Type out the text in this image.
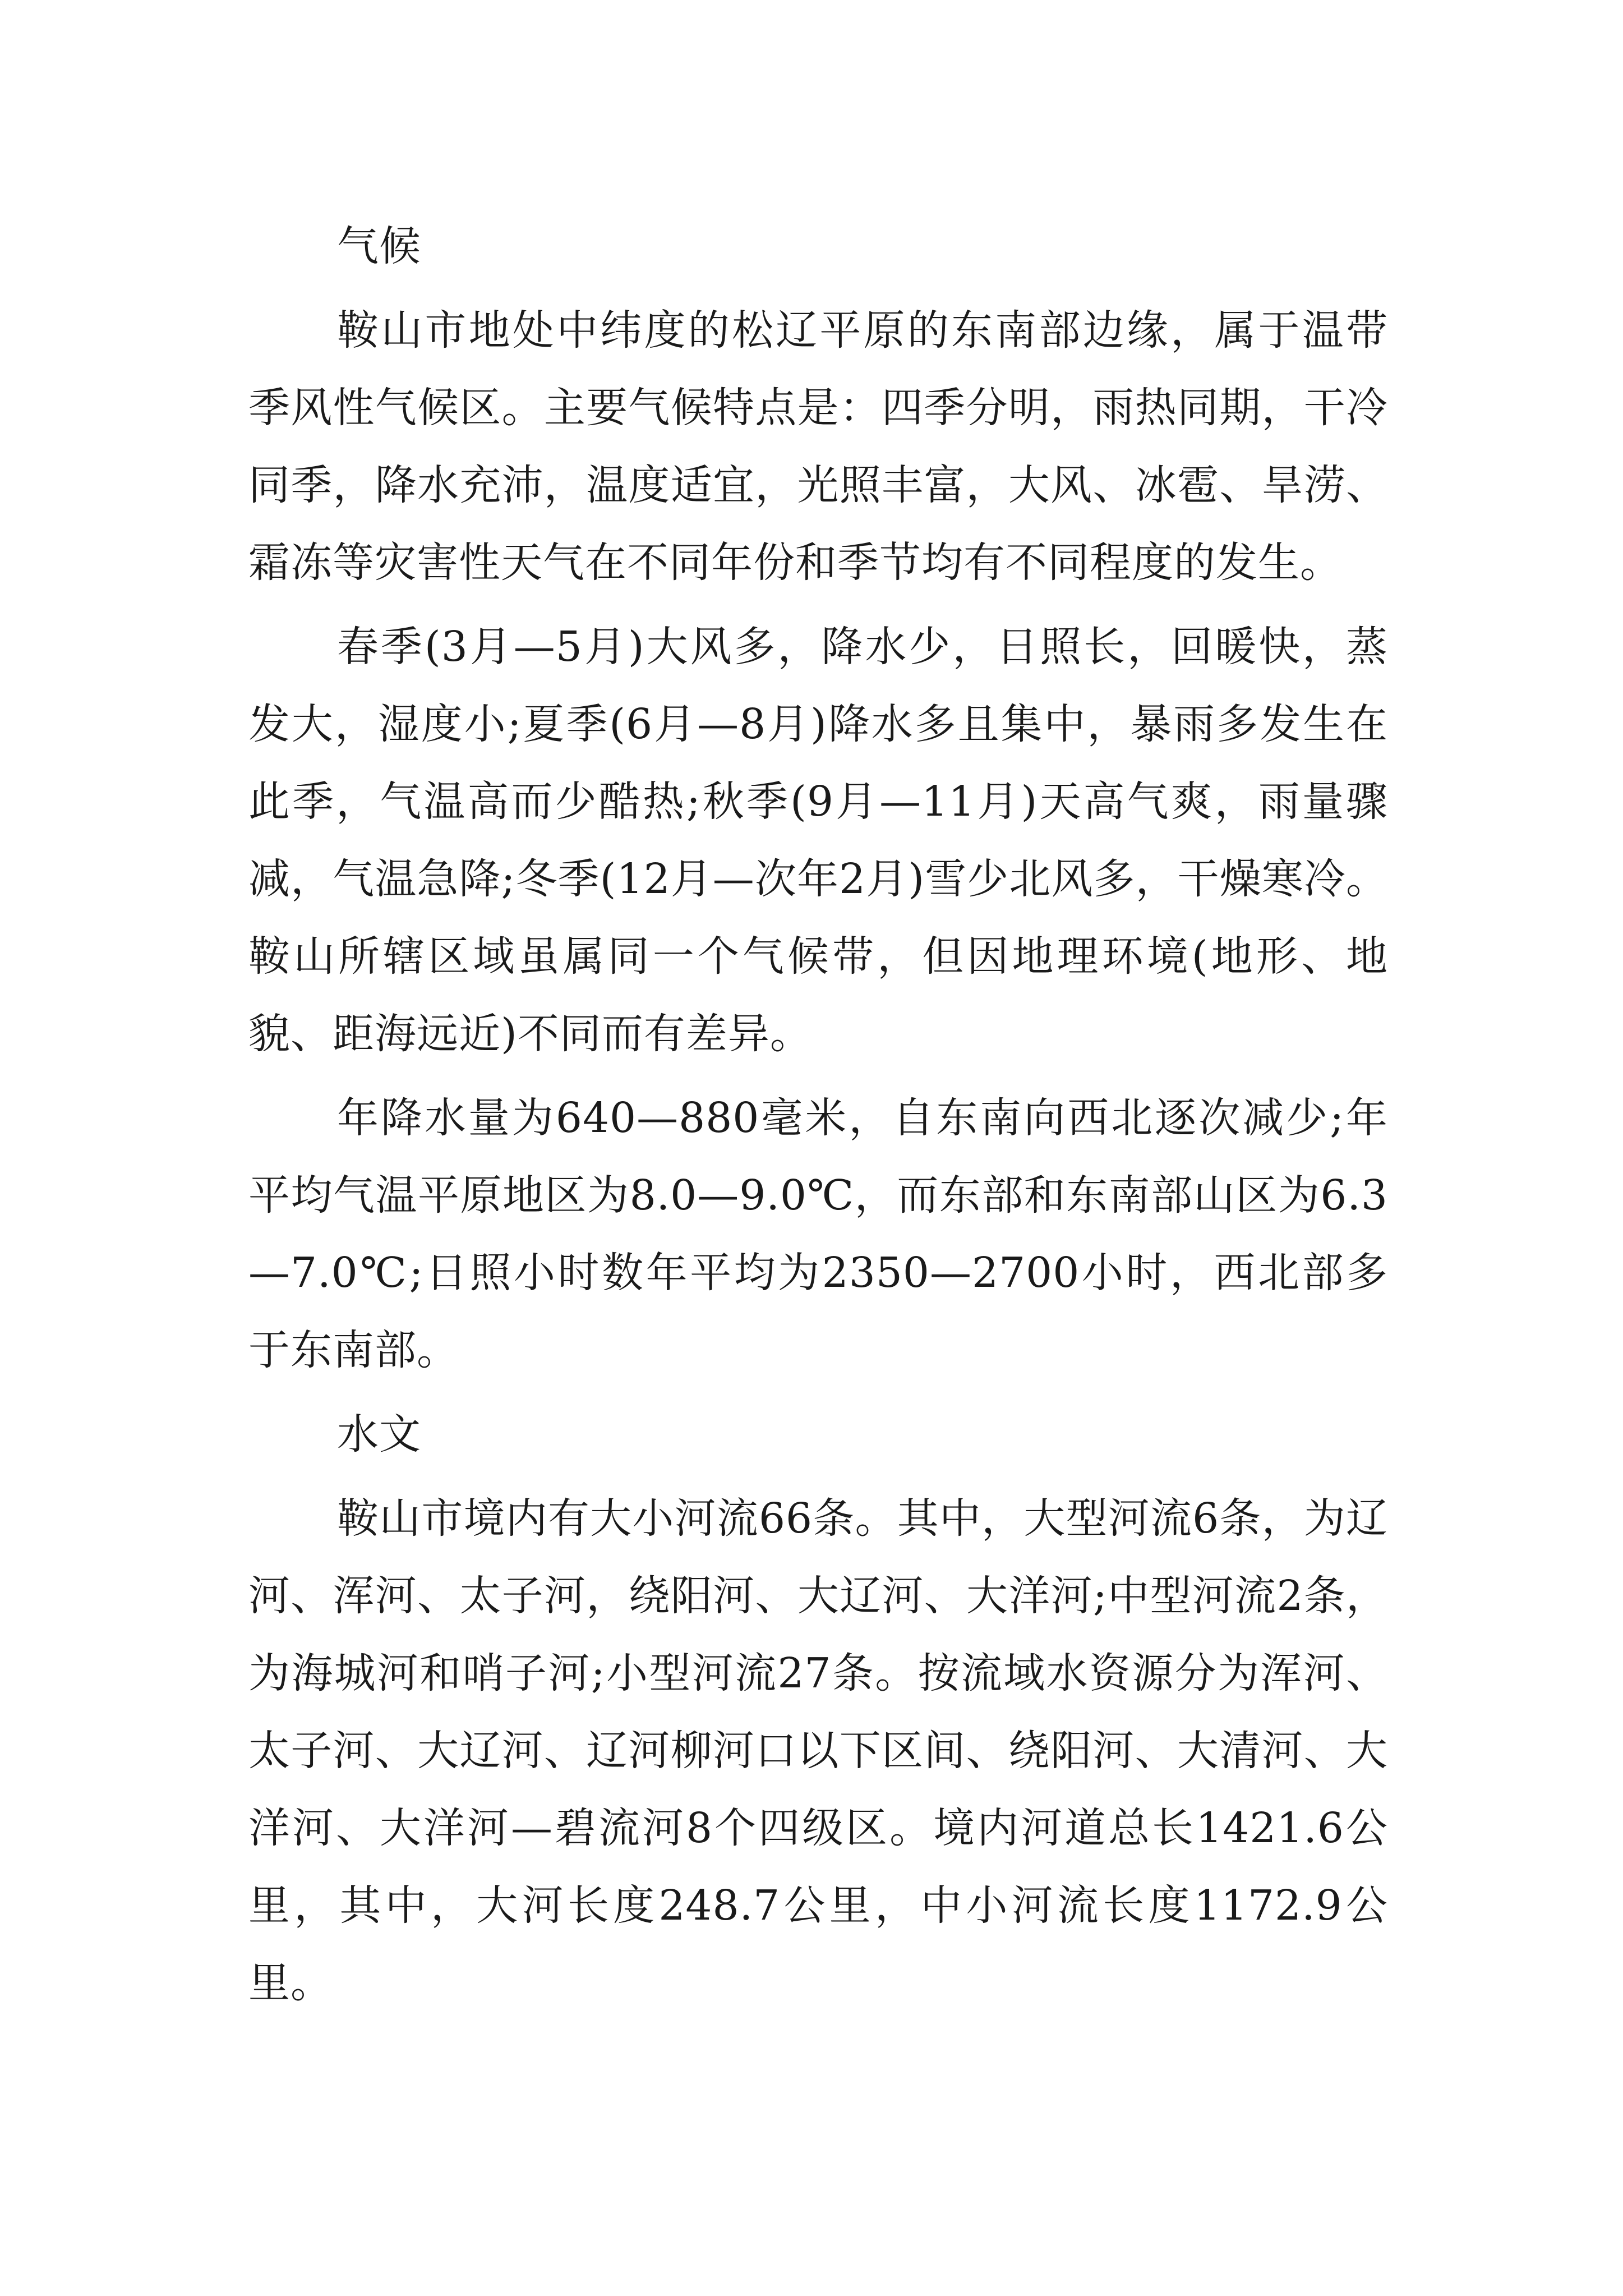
气候

鞍山市地处中纬度的松辽平原的东南部边缘，属于温带季风性气候区。主要气候特点是：四季分明，雨热同期，干冷同季，降水充沛，温度适宜，光照丰富，大风、冰雹、旱涝、霜冻等灾害性天气在不同年份和季节均有不同程度的发生。

春季(3月—5月)大风多，降水少，日照长，回暖快，蒸发大，湿度小;夏季(6月—8月)降水多且集中，暴雨多发生在此季，气温高而少酷热;秋季(9月—11月)天高气爽，雨量骤减，气温急降;冬季(12月—次年2月)雪少北风多，干燥寒冷。鞍山所辖区域虽属同一个气候带，但因地理环境(地形、地貌、距海远近)不同而有差异。

年降水量为640—880毫米，自东南向西北逐次减少;年平均气温平原地区为8.0—9.0℃，而东部和东南部山区为6.3—7.0℃;日照小时数年平均为2350—2700小时，西北部多于东南部。

水文

鞍山市境内有大小河流66条。其中，大型河流6条，为辽河、浑河、太子河，绕阳河、大辽河、大洋河;中型河流2条，为海城河和哨子河;小型河流27条。按流域水资源分为浑河、太子河、大辽河、辽河柳河口以下区间、绕阳河、大清河、大洋河、大洋河—碧流河8个四级区。境内河道总长1421.6公里，其中，大河长度248.7公里，中小河流长度1172.9公里。
